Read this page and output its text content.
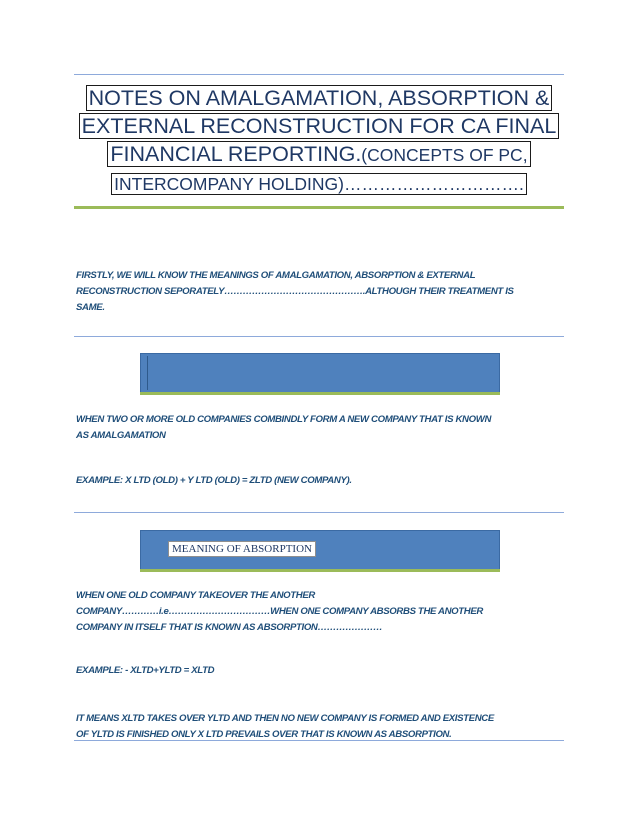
NOTES ON AMALGAMATION, ABSORPTION &
EXTERNAL RECONSTRUCTION FOR CA FINAL
FINANCIAL REPORTING.(CONCEPTS OF PC,
INTERCOMPANY HOLDING)………………………….
FIRSTLY, WE WILL KNOW THE MEANINGS OF AMALGAMATION, ABSORPTION & EXTERNAL
RECONSTRUCTION SEPORATELY……………………………………….ALTHOUGH THEIR TREATMENT IS
SAME.
WHEN TWO OR MORE OLD COMPANIES COMBINDLY FORM A NEW COMPANY THAT IS KNOWN
AS AMALGAMATION
EXAMPLE: X LTD (OLD) + Y LTD (OLD) = ZLTD (NEW COMPANY).
MEANING OF ABSORPTION
WHEN ONE OLD COMPANY TAKEOVER THE ANOTHER
COMPANY…………i.e……………………………WHEN ONE COMPANY ABSORBS THE ANOTHER
COMPANY IN ITSELF THAT IS KNOWN AS ABSORPTION…………………
EXAMPLE: - XLTD+YLTD = XLTD
IT MEANS XLTD TAKES OVER YLTD AND THEN NO NEW COMPANY IS FORMED AND EXISTENCE
OF YLTD IS FINISHED ONLY X LTD PREVAILS OVER THAT IS KNOWN AS ABSORPTION.
